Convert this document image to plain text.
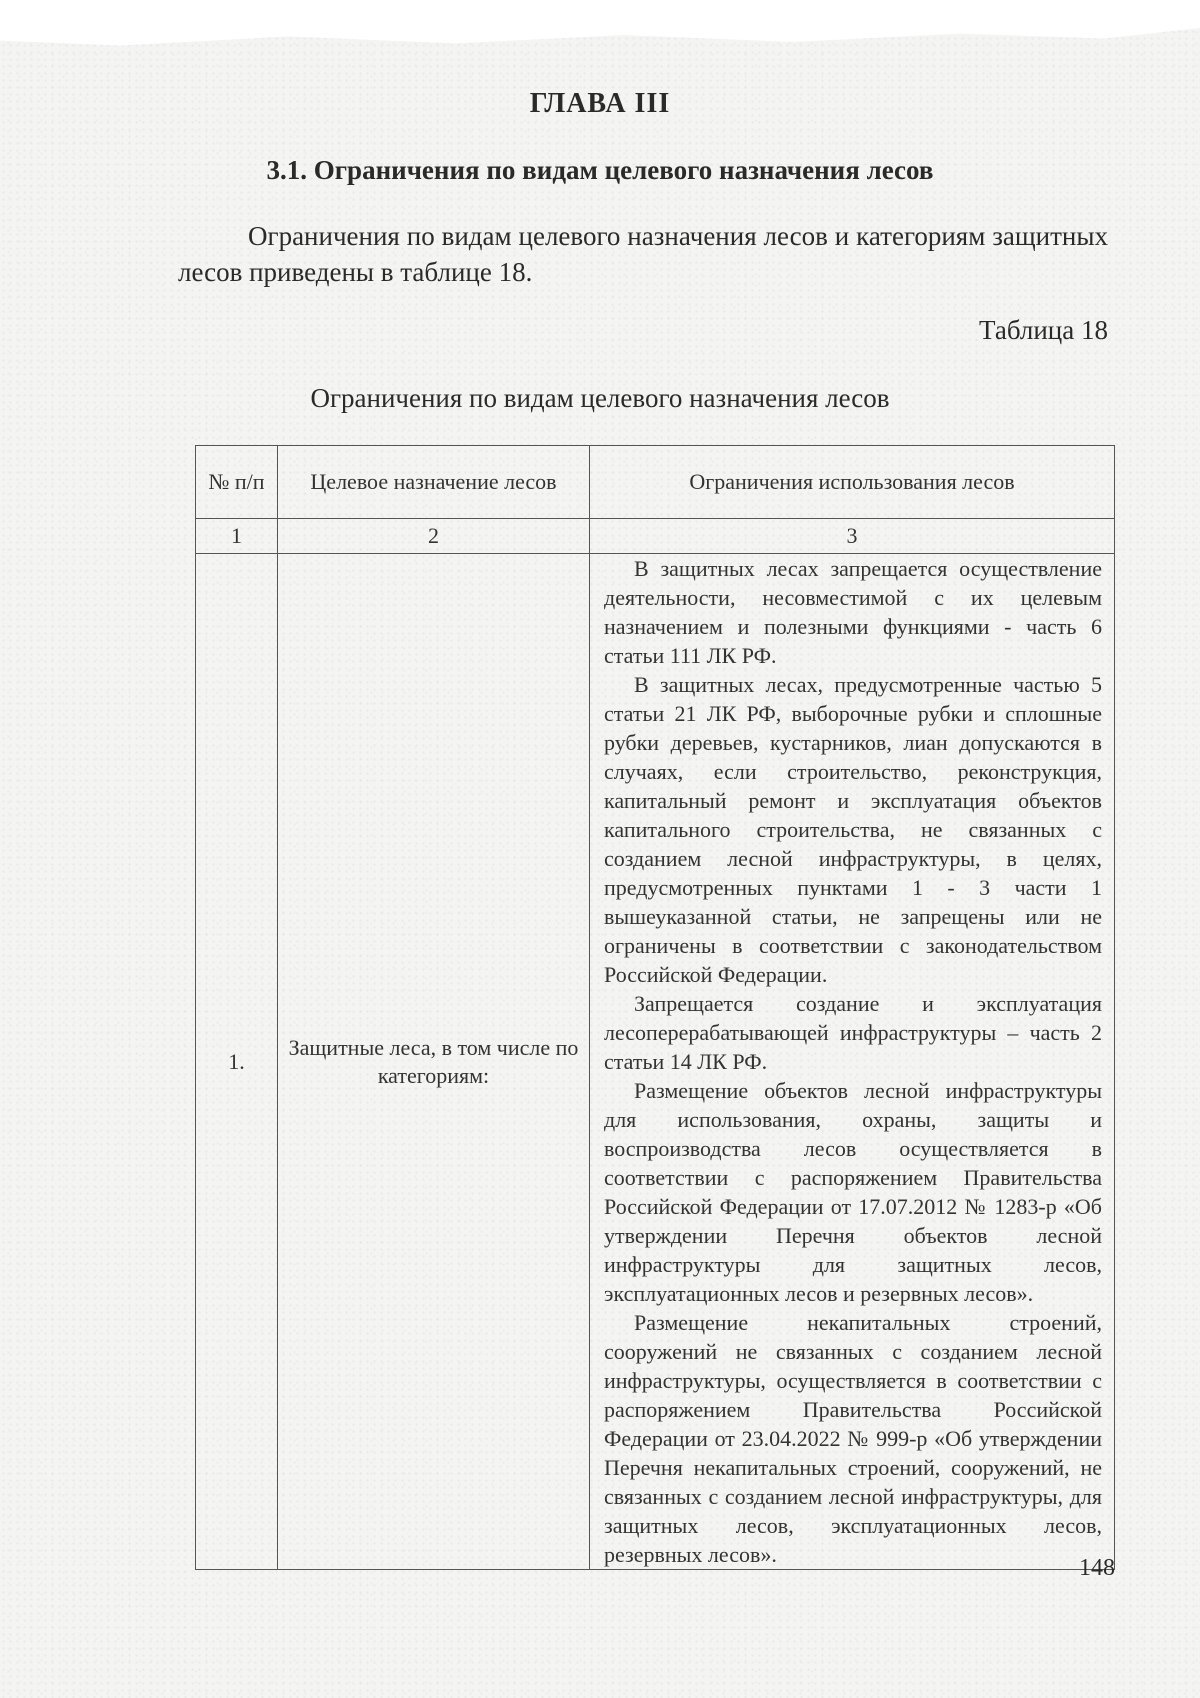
ГЛАВА III
3.1. Ограничения по видам целевого назначения лесов
Ограничения по видам целевого назначения лесов и категориям защитных лесов приведены в таблице 18.
Таблица 18
Ограничения по видам целевого назначения лесов
№ п/п	Целевое назначение лесов	Ограничения использования лесов
1	2	3
1.	Защитные леса, в том числе по категориям:	В защитных лесах запрещается осуществление деятельности, несовместимой с их целевым назначением и полезными функциями - часть 6 статьи 111 ЛК РФ.

В защитных лесах, предусмотренные частью 5 статьи 21 ЛК РФ, выборочные рубки и сплошные рубки деревьев, кустарников, лиан допускаются в случаях, если строительство, реконструкция, капитальный ремонт и эксплуатация объектов капитального строительства, не связанных с созданием лесной инфраструктуры, в целях, предусмотренных пунктами 1 - 3 части 1 вышеуказанной статьи, не запрещены или не ограничены в соответствии с законодательством Российской Федерации.

Запрещается создание и эксплуатация лесоперерабатывающей инфраструктуры – часть 2 статьи 14 ЛК РФ.

Размещение объектов лесной инфраструктуры для использования, охраны, защиты и воспроизводства лесов осуществляется в соответствии с распоряжением Правительства Российской Федерации от 17.07.2012 № 1283-р «Об утверждении Перечня объектов лесной инфраструктуры для защитных лесов, эксплуатационных лесов и резервных лесов».

Размещение некапитальных строений, сооружений не связанных с созданием лесной инфраструктуры, осуществляется в соответствии с распоряжением Правительства Российской Федерации от 23.04.2022 № 999-р «Об утверждении Перечня некапитальных строений, сооружений, не связанных с созданием лесной инфраструктуры, для защитных лесов, эксплуатационных лесов, резервных лесов».

148
